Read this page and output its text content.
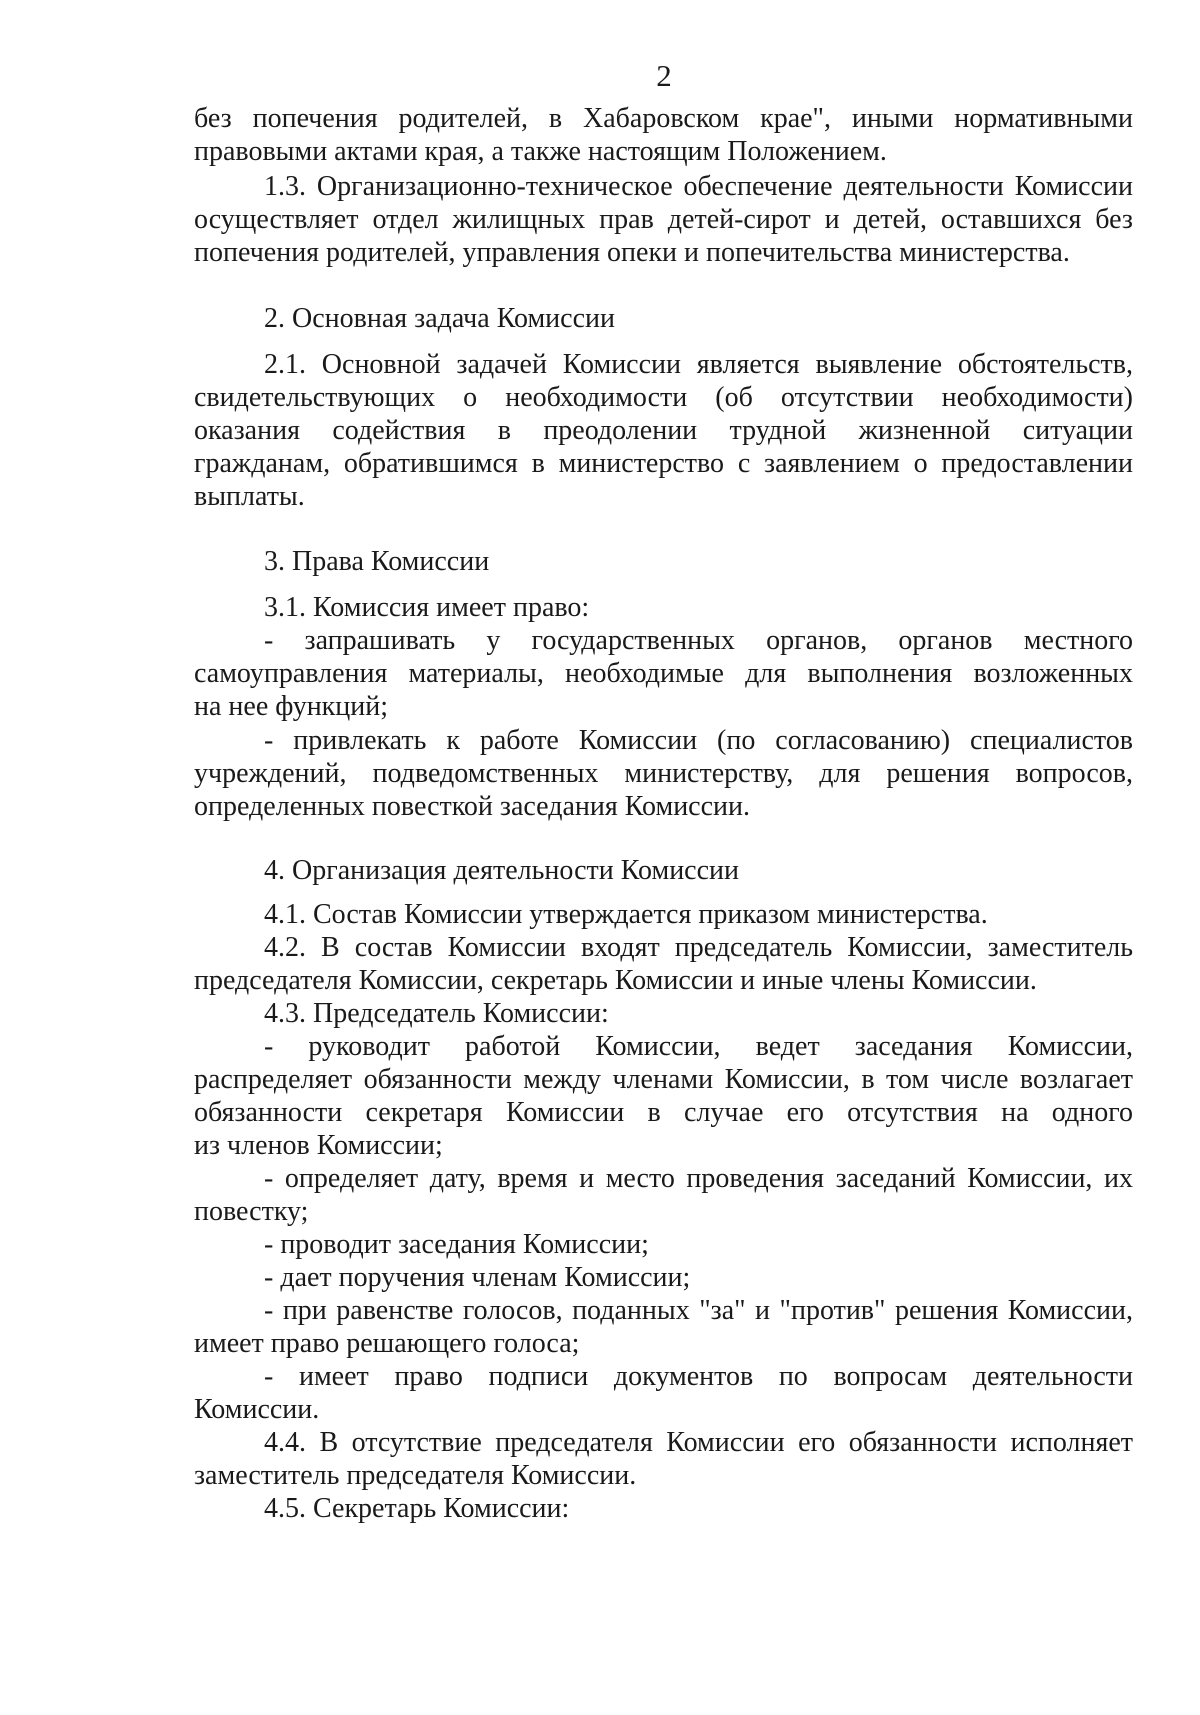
2

без попечения родителей, в Хабаровском крае", иными нормативными

правовыми актами края, а также настоящим Положением.

1.3. Организационно-техническое обеспечение деятельности Комиссии

осуществляет отдел жилищных прав детей-сирот и детей, оставшихся без

попечения родителей, управления опеки и попечительства министерства.

2. Основная задача Комиссии

2.1. Основной задачей Комиссии является выявление обстоятельств,

свидетельствующих о необходимости (об отсутствии необходимости)

оказания содействия в преодолении трудной жизненной ситуации

гражданам, обратившимся в министерство с заявлением о предоставлении

выплаты.

3. Права Комиссии

3.1. Комиссия имеет право:

- запрашивать у государственных органов, органов местного

самоуправления материалы, необходимые для выполнения возложенных

на нее функций;

- привлекать к работе Комиссии (по согласованию) специалистов

учреждений, подведомственных министерству, для решения вопросов,

определенных повесткой заседания Комиссии.

4. Организация деятельности Комиссии

4.1. Состав Комиссии утверждается приказом министерства.

4.2. В состав Комиссии входят председатель Комиссии, заместитель

председателя Комиссии, секретарь Комиссии и иные члены Комиссии.

4.3. Председатель Комиссии:

- руководит работой Комиссии, ведет заседания Комиссии,

распределяет обязанности между членами Комиссии, в том числе возлагает

обязанности секретаря Комиссии в случае его отсутствия на одного

из членов Комиссии;

- определяет дату, время и место проведения заседаний Комиссии, их

повестку;

- проводит заседания Комиссии;

- дает поручения членам Комиссии;

- при равенстве голосов, поданных "за" и "против" решения Комиссии,

имеет право решающего голоса;

- имеет право подписи документов по вопросам деятельности

Комиссии.

4.4. В отсутствие председателя Комиссии его обязанности исполняет

заместитель председателя Комиссии.

4.5. Секретарь Комиссии:
